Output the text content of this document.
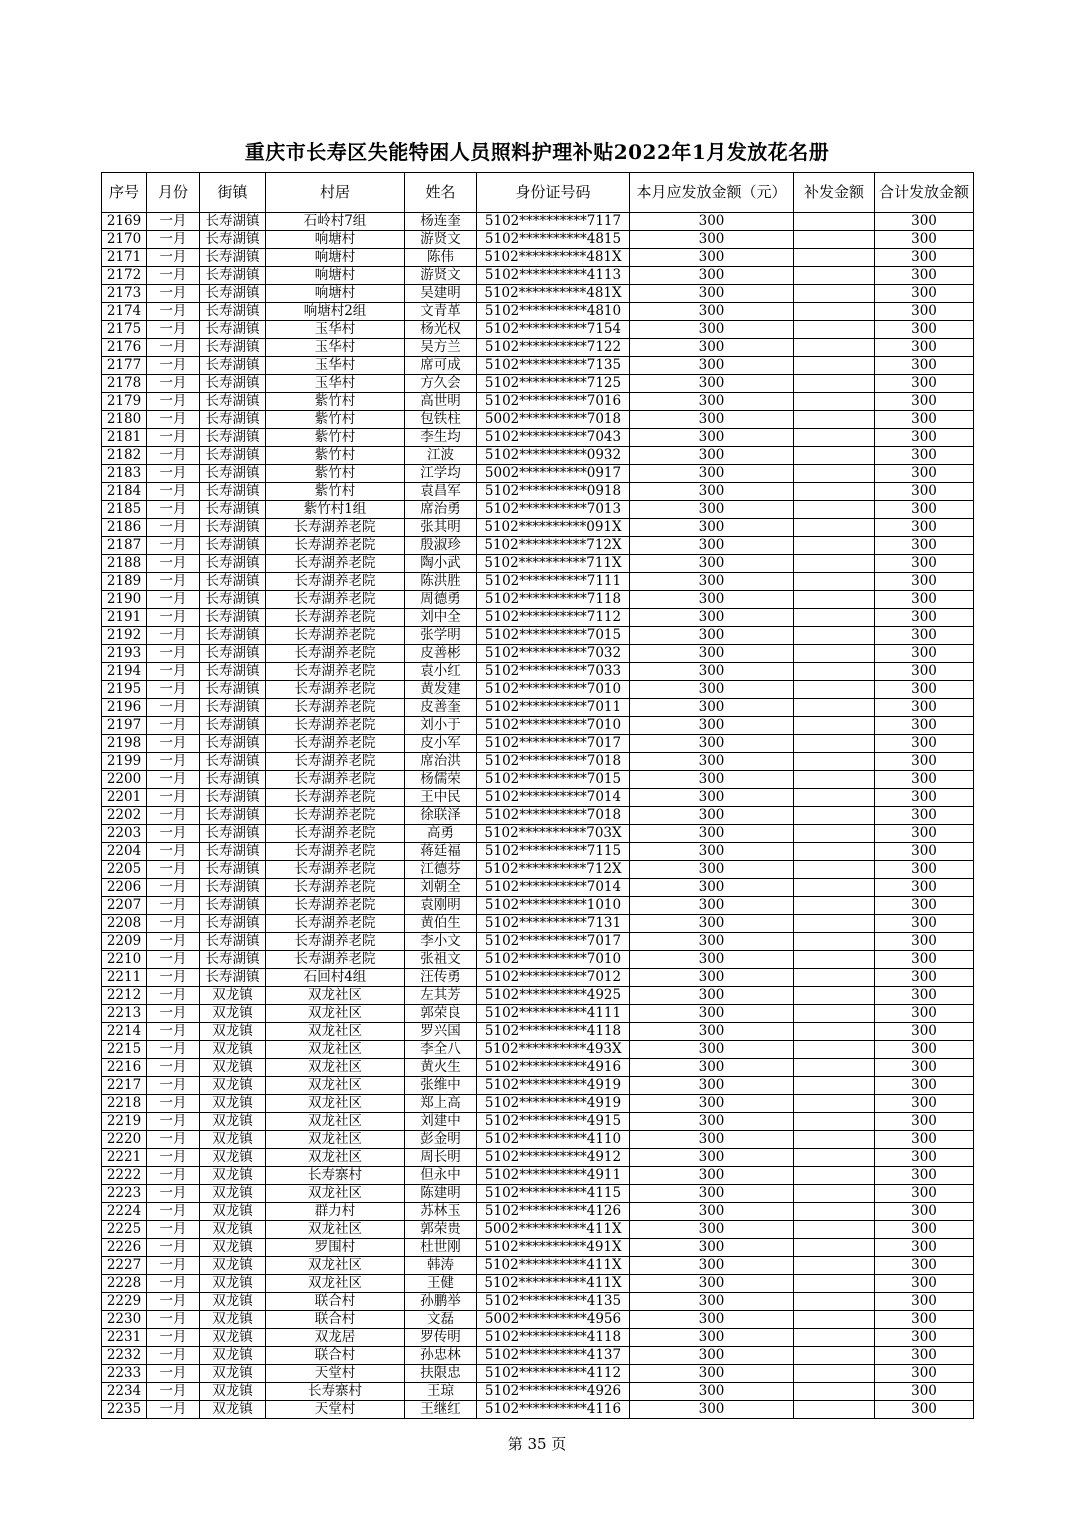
重庆市长寿区失能特困人员照料护理补贴2022年1月发放花名册
序号	月份	街镇	村居	姓名	身份证号码	本月应发放金额（元）	补发金额	合计发放金额
2169	一月	长寿湖镇	石岭村7组	杨连奎	5102**********7117	300		300
2170	一月	长寿湖镇	响塘村	游贤文	5102**********4815	300		300
2171	一月	长寿湖镇	响塘村	陈伟	5102**********481X	300		300
2172	一月	长寿湖镇	响塘村	游贤文	5102**********4113	300		300
2173	一月	长寿湖镇	响塘村	吴建明	5102**********481X	300		300
2174	一月	长寿湖镇	响塘村2组	文青革	5102**********4810	300		300
2175	一月	长寿湖镇	玉华村	杨光权	5102**********7154	300		300
2176	一月	长寿湖镇	玉华村	吴方兰	5102**********7122	300		300
2177	一月	长寿湖镇	玉华村	席可成	5102**********7135	300		300
2178	一月	长寿湖镇	玉华村	方久会	5102**********7125	300		300
2179	一月	长寿湖镇	紫竹村	高世明	5102**********7016	300		300
2180	一月	长寿湖镇	紫竹村	包铁柱	5002**********7018	300		300
2181	一月	长寿湖镇	紫竹村	李生均	5102**********7043	300		300
2182	一月	长寿湖镇	紫竹村	江波	5102**********0932	300		300
2183	一月	长寿湖镇	紫竹村	江学均	5002**********0917	300		300
2184	一月	长寿湖镇	紫竹村	袁昌军	5102**********0918	300		300
2185	一月	长寿湖镇	紫竹村1组	席治勇	5102**********7013	300		300
2186	一月	长寿湖镇	长寿湖养老院	张其明	5102**********091X	300		300
2187	一月	长寿湖镇	长寿湖养老院	殷淑珍	5102**********712X	300		300
2188	一月	长寿湖镇	长寿湖养老院	陶小武	5102**********711X	300		300
2189	一月	长寿湖镇	长寿湖养老院	陈洪胜	5102**********7111	300		300
2190	一月	长寿湖镇	长寿湖养老院	周德勇	5102**********7118	300		300
2191	一月	长寿湖镇	长寿湖养老院	刘中全	5102**********7112	300		300
2192	一月	长寿湖镇	长寿湖养老院	张学明	5102**********7015	300		300
2193	一月	长寿湖镇	长寿湖养老院	皮善彬	5102**********7032	300		300
2194	一月	长寿湖镇	长寿湖养老院	袁小红	5102**********7033	300		300
2195	一月	长寿湖镇	长寿湖养老院	黄发建	5102**********7010	300		300
2196	一月	长寿湖镇	长寿湖养老院	皮善奎	5102**********7011	300		300
2197	一月	长寿湖镇	长寿湖养老院	刘小于	5102**********7010	300		300
2198	一月	长寿湖镇	长寿湖养老院	皮小军	5102**********7017	300		300
2199	一月	长寿湖镇	长寿湖养老院	席治洪	5102**********7018	300		300
2200	一月	长寿湖镇	长寿湖养老院	杨儒荣	5102**********7015	300		300
2201	一月	长寿湖镇	长寿湖养老院	王中民	5102**********7014	300		300
2202	一月	长寿湖镇	长寿湖养老院	徐联泽	5102**********7018	300		300
2203	一月	长寿湖镇	长寿湖养老院	高勇	5102**********703X	300		300
2204	一月	长寿湖镇	长寿湖养老院	蒋廷福	5102**********7115	300		300
2205	一月	长寿湖镇	长寿湖养老院	江德芬	5102**********712X	300		300
2206	一月	长寿湖镇	长寿湖养老院	刘朝全	5102**********7014	300		300
2207	一月	长寿湖镇	长寿湖养老院	袁刚明	5102**********1010	300		300
2208	一月	长寿湖镇	长寿湖养老院	黄伯生	5102**********7131	300		300
2209	一月	长寿湖镇	长寿湖养老院	李小文	5102**********7017	300		300
2210	一月	长寿湖镇	长寿湖养老院	张祖文	5102**********7010	300		300
2211	一月	长寿湖镇	石回村4组	汪传勇	5102**********7012	300		300
2212	一月	双龙镇	双龙社区	左其芳	5102**********4925	300		300
2213	一月	双龙镇	双龙社区	郭荣良	5102**********4111	300		300
2214	一月	双龙镇	双龙社区	罗兴国	5102**********4118	300		300
2215	一月	双龙镇	双龙社区	李全八	5102**********493X	300		300
2216	一月	双龙镇	双龙社区	黄火生	5102**********4916	300		300
2217	一月	双龙镇	双龙社区	张维中	5102**********4919	300		300
2218	一月	双龙镇	双龙社区	郑上高	5102**********4919	300		300
2219	一月	双龙镇	双龙社区	刘建中	5102**********4915	300		300
2220	一月	双龙镇	双龙社区	彭金明	5102**********4110	300		300
2221	一月	双龙镇	双龙社区	周长明	5102**********4912	300		300
2222	一月	双龙镇	长寿寨村	但永中	5102**********4911	300		300
2223	一月	双龙镇	双龙社区	陈建明	5102**********4115	300		300
2224	一月	双龙镇	群力村	苏林玉	5102**********4126	300		300
2225	一月	双龙镇	双龙社区	郭荣贵	5002**********411X	300		300
2226	一月	双龙镇	罗围村	杜世刚	5102**********491X	300		300
2227	一月	双龙镇	双龙社区	韩涛	5102**********411X	300		300
2228	一月	双龙镇	双龙社区	王健	5102**********411X	300		300
2229	一月	双龙镇	联合村	孙鹏举	5102**********4135	300		300
2230	一月	双龙镇	联合村	文磊	5002**********4956	300		300
2231	一月	双龙镇	双龙居	罗传明	5102**********4118	300		300
2232	一月	双龙镇	联合村	孙忠林	5102**********4137	300		300
2233	一月	双龙镇	天堂村	扶限忠	5102**********4112	300		300
2234	一月	双龙镇	长寿寨村	王琼	5102**********4926	300		300
2235	一月	双龙镇	天堂村	王继红	5102**********4116	300		300
第 35 页
